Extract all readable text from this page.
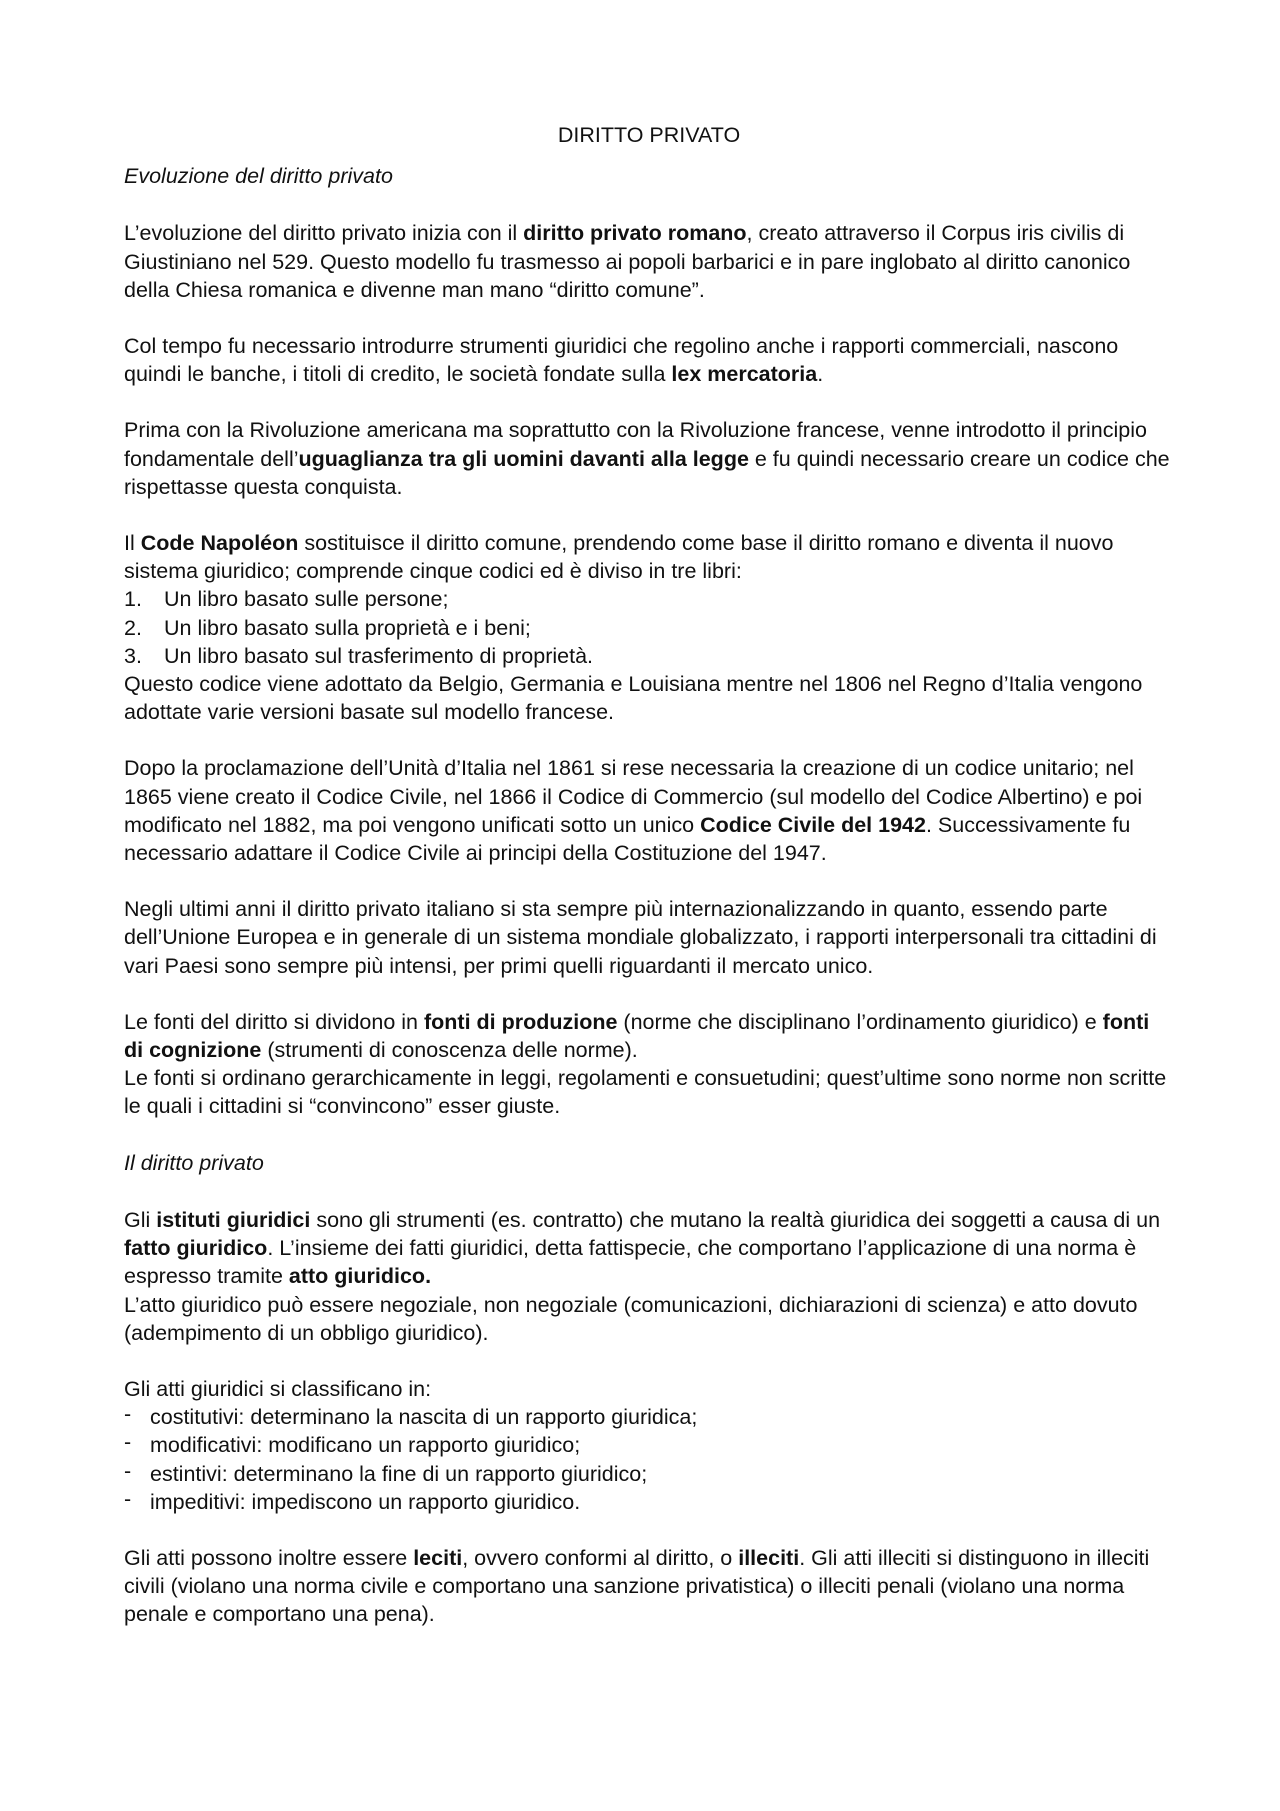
DIRITTO PRIVATO
Evoluzione del diritto privato

L’evoluzione del diritto privato inizia con il diritto privato romano, creato attraverso il Corpus iris civilis di Giustiniano nel 529. Questo modello fu trasmesso ai popoli barbarici e in pare inglobato al diritto canonico della Chiesa romanica e divenne man mano “diritto comune”.

Col tempo fu necessario introdurre strumenti giuridici che regolino anche i rapporti commerciali, nascono quindi le banche, i titoli di credito, le società fondate sulla lex mercatoria.

Prima con la Rivoluzione americana ma soprattutto con la Rivoluzione francese, venne introdotto il principio fondamentale dell’uguaglianza tra gli uomini davanti alla legge e fu quindi necessario creare un codice che rispettasse questa conquista.

Il Code Napoléon sostituisce il diritto comune, prendendo come base il diritto romano e diventa il nuovo sistema giuridico; comprende cinque codici ed è diviso in tre libri:
1. Un libro basato sulle persone;
2. Un libro basato sulla proprietà e i beni;
3. Un libro basato sul trasferimento di proprietà.
Questo codice viene adottato da Belgio, Germania e Louisiana mentre nel 1806 nel Regno d’Italia vengono adottate varie versioni basate sul modello francese.

Dopo la proclamazione dell’Unità d’Italia nel 1861 si rese necessaria la creazione di un codice unitario; nel 1865 viene creato il Codice Civile, nel 1866 il Codice di Commercio (sul modello del Codice Albertino) e poi modificato nel 1882, ma poi vengono unificati sotto un unico Codice Civile del 1942. Successivamente fu necessario adattare il Codice Civile ai principi della Costituzione del 1947.

Negli ultimi anni il diritto privato italiano si sta sempre più internazionalizzando in quanto, essendo parte dell’Unione Europea e in generale di un sistema mondiale globalizzato, i rapporti interpersonali tra cittadini di vari Paesi sono sempre più intensi, per primi quelli riguardanti il mercato unico.

Le fonti del diritto si dividono in fonti di produzione (norme che disciplinano l’ordinamento giuridico) e fonti di cognizione (strumenti di conoscenza delle norme).
Le fonti si ordinano gerarchicamente in leggi, regolamenti e consuetudini; quest’ultime sono norme non scritte le quali i cittadini si “convincono” esser giuste.
Il diritto privato
Gli istituti giuridici sono gli strumenti (es. contratto) che mutano la realtà giuridica dei soggetti a causa di un fatto giuridico. L’insieme dei fatti giuridici, detta fattispecie, che comportano l’applicazione di una norma è espresso tramite atto giuridico.
L’atto giuridico può essere negoziale, non negoziale (comunicazioni, dichiarazioni di scienza) e atto dovuto (adempimento di un obbligo giuridico).
Gli atti giuridici si classificano in:
- costitutivi: determinano la nascita di un rapporto giuridica;
- modificativi: modificano un rapporto giuridico;
- estintivi: determinano la fine di un rapporto giuridico;
- impeditivi: impediscono un rapporto giuridico.

Gli atti possono inoltre essere leciti, ovvero conformi al diritto, o illeciti. Gli atti illeciti si distinguono in illeciti civili (violano una norma civile e comportano una sanzione privatistica) o illeciti penali (violano una norma penale e comportano una pena).
